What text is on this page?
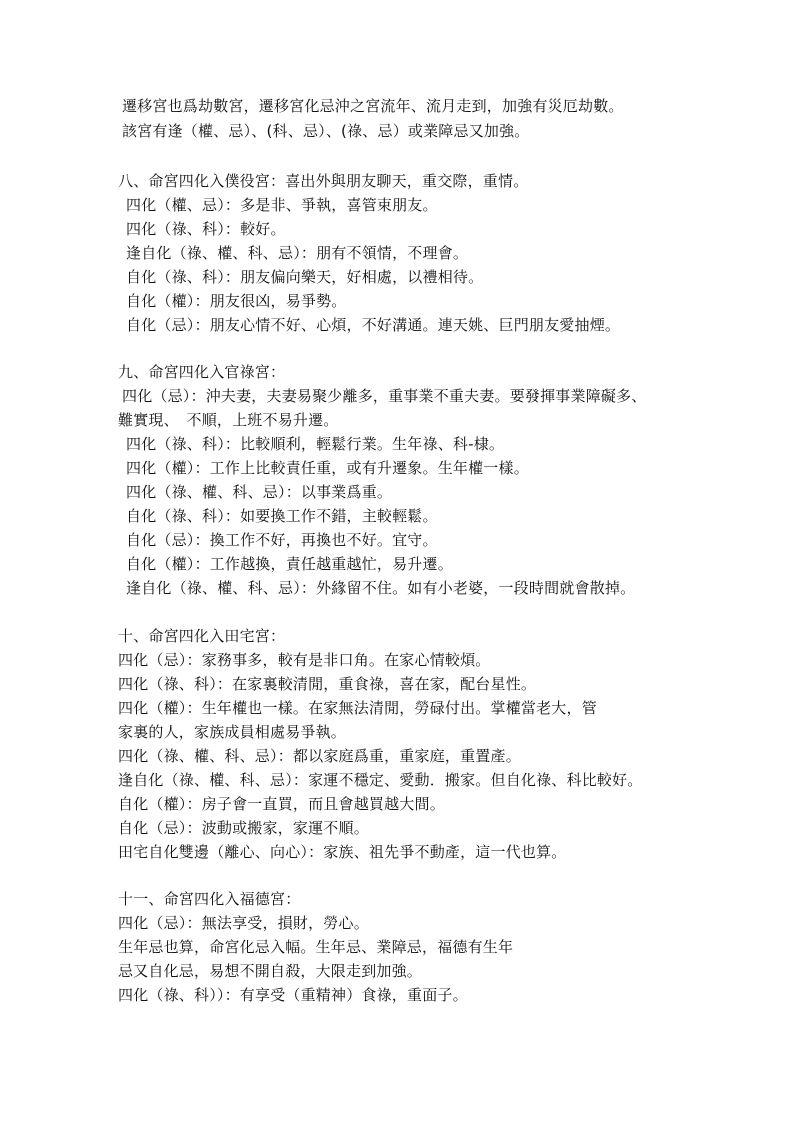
遷移宮也爲劫數宮，遷移宮化忌沖之宮流年、流月走到，加強有災厄劫數。
該宮有逢（權、忌）、(科、忌）、(祿、忌）或業障忌又加強。
八、命宮四化入僕役宮：喜出外與朋友聊天，重交際，重情。
四化（權、忌）：多是非、爭執，喜管束朋友。
四化（祿、科）：較好。
逢自化（祿、權、科、忌）：朋有不領情，不理會。
自化（祿、科）：朋友偏向樂天，好相處，以禮相待。
自化（權）：朋友很凶，易爭勢。
自化（忌）：朋友心情不好、心煩，不好溝通。連天姚、巨門朋友愛抽煙。
九、命宮四化入官祿宮：
四化（忌）：沖夫妻，夫妻易聚少離多，重事業不重夫妻。要發揮事業障礙多、
難實現、　不順，上班不易升遷。
四化（祿、科）：比較順利，輕鬆行業。生年祿、科-棣。
四化（權）：工作上比較責任重，或有升遷象。生年權一樣。
四化（祿、權、科、忌）：以事業爲重。
自化（祿、科）：如要換工作不錯，主較輕鬆。
自化（忌）：換工作不好，再換也不好。宜守。
自化（權）：工作越換，責任越重越忙，易升遷。
逢自化（祿、權、科、忌）：外緣留不住。如有小老婆，一段時間就會散掉。
十、命宮四化入田宅宮：
四化（忌）：家務事多，較有是非口角。在家心情較煩。
四化（祿、科）：在家裏較清閒，重食祿，喜在家，配台星性。
四化（權）：生年權也一樣。在家無法清閒，勞碌付出。掌權當老大，管
家裏的人，家族成員相處易爭執。
四化（祿、權、科、忌）：都以家庭爲重，重家庭，重置產。
逢自化（祿、權、科、忌）：家運不穩定、愛動．搬家。但自化祿、科比較好。
自化（權）：房子會一直買，而且會越買越大間。
自化（忌）：波動或搬家，家運不順。
田宅自化雙邊（離心、向心）：家族、祖先爭不動產，這一代也算。
十一、命宮四化入福德宮：
四化（忌）：無法享受，損財，勞心。
生年忌也算，命宮化忌入幅。生年忌、業障忌，福德有生年
忌又自化忌，易想不開自殺，大限走到加強。
四化（祿、科））：有享受（重精神）食祿，重面子。
